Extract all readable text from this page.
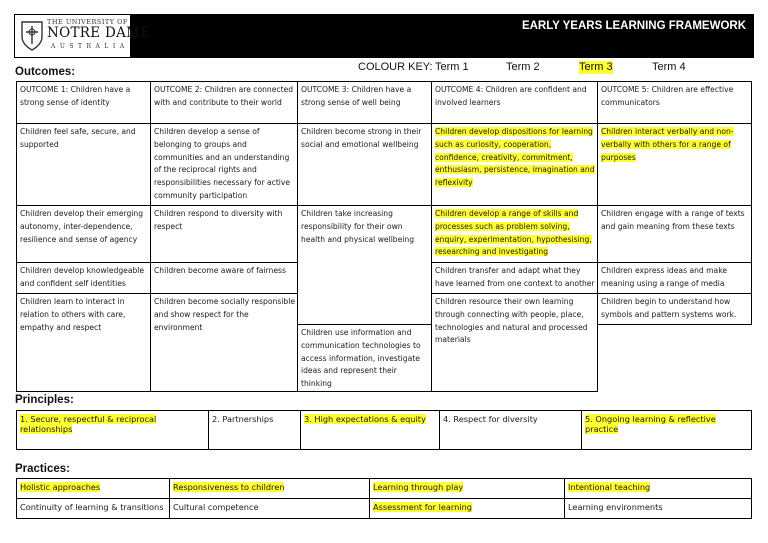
THE UNIVERSITY OF
NOTRE DAME
AUSTRALIA
EARLY YEARS LEARNING FRAMEWORK
Outcomes:	COLOUR KEY: Term 1	Term 2	Term 3	Term 4
OUTCOME 1: Children have a strong sense of identity	OUTCOME 2: Children are connected with and contribute to their world	OUTCOME 3: Children have a strong sense of well being	OUTCOME 4: Children are confident and involved learners	OUTCOME 5: Children are effective communicators
Children feel safe, secure, and supported	Children develop a sense of belonging to groups and communities and an understanding of the reciprocal rights and responsibilities necessary for active community participation	Children become strong in their social and emotional wellbeing	Children develop dispositions for learning such as curiosity, cooperation, confidence, creativity, commitment, enthusiasm, persistence, imagination and reflexivity	Children interact verbally and non-verbally with others for a range of purposes
Children develop their emerging autonomy, inter-dependence, resilience and sense of agency	Children respond to diversity with respect	Children take increasing responsibility for their own health and physical wellbeing	Children develop a range of skills and processes such as problem solving, enquiry, experimentation, hypothesising, researching and investigating	Children engage with a range of texts and gain meaning from these texts
Children develop knowledgeable and confident self identities	Children become aware of fairness		Children transfer and adapt what they have learned from one context to another	Children express ideas and make meaning using a range of media
Children learn to interact in relation to others with care, empathy and respect	Children become socially responsible and show respect for the environment		Children resource their own learning through connecting with people, place, technologies and natural and processed materials	Children begin to understand how symbols and pattern systems work.
		Children use information and communication technologies to access information, investigate ideas and represent their thinking		
Principles:
1. Secure, respectful & reciprocal relationships	2. Partnerships	3. High expectations & equity	4. Respect for diversity	5. Ongoing learning & reflective practice
Practices:
Holistic approaches	Responsiveness to children	Learning through play	Intentional teaching
Continuity of learning & transitions	Cultural competence	Assessment for learning	Learning environments
